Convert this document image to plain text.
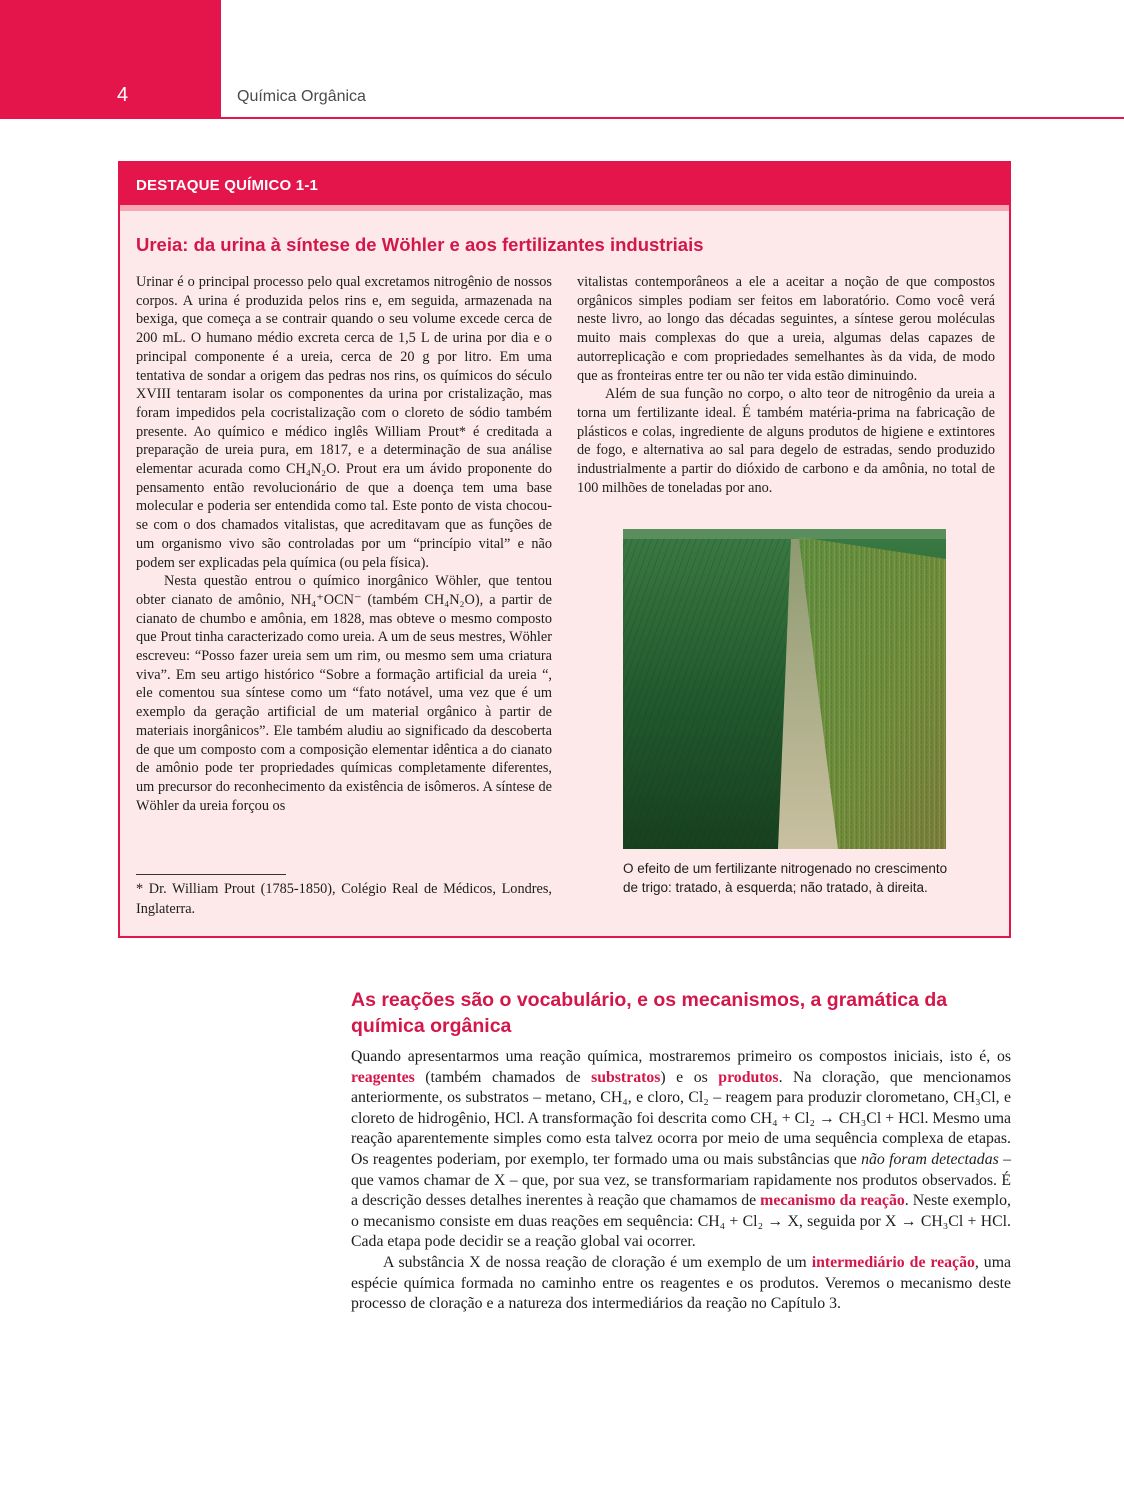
4	Química Orgânica
DESTAQUE QUÍMICO 1-1
Ureia: da urina à síntese de Wöhler e aos fertilizantes industriais

Urinar é o principal processo pelo qual excretamos nitrogênio de nossos corpos. A urina é produzida pelos rins e, em seguida, armazenada na bexiga, que começa a se contrair quando o seu volume excede cerca de 200 mL. O humano médio excreta cerca de 1,5 L de urina por dia e o principal componente é a ureia, cerca de 20 g por litro. Em uma tentativa de sondar a origem das pedras nos rins, os químicos do século XVIII tentaram isolar os componentes da urina por cristalização, mas foram impedidos pela cocristalização com o cloreto de sódio também presente. Ao químico e médico inglês William Prout* é creditada a preparação de ureia pura, em 1817, e a determinação de sua análise elementar acurada como CH₄N₂O. Prout era um ávido proponente do pensamento então revolucionário de que a doença tem uma base molecular e poderia ser entendida como tal. Este ponto de vista chocou-se com o dos chamados vitalistas, que acreditavam que as funções de um organismo vivo são controladas por um “princípio vital” e não podem ser explicadas pela química (ou pela física).

Nesta questão entrou o químico inorgânico Wöhler, que tentou obter cianato de amônio, NH₄⁺OCN⁻ (também CH₄N₂O), a partir de cianato de chumbo e amônia, em 1828, mas obteve o mesmo composto que Prout tinha caracterizado como ureia. A um de seus mestres, Wöhler escreveu: “Posso fazer ureia sem um rim, ou mesmo sem uma criatura viva”. Em seu artigo histórico “Sobre a formação artificial da ureia “, ele comentou sua síntese como um “fato notável, uma vez que é um exemplo da geração artificial de um material orgânico à partir de materiais inorgânicos”. Ele também aludiu ao significado da descoberta de que um composto com a composição elementar idêntica a do cianato de amônio pode ter propriedades químicas completamente diferentes, um precursor do reconhecimento da existência de isômeros. A síntese de Wöhler da ureia forçou os

vitalistas contemporâneos a ele a aceitar a noção de que compostos orgânicos simples podiam ser feitos em laboratório. Como você verá neste livro, ao longo das décadas seguintes, a síntese gerou moléculas muito mais complexas do que a ureia, algumas delas capazes de autorreplicação e com propriedades semelhantes às da vida, de modo que as fronteiras entre ter ou não ter vida estão diminuindo.

Além de sua função no corpo, o alto teor de nitrogênio da ureia a torna um fertilizante ideal. É também matéria-prima na fabricação de plásticos e colas, ingrediente de alguns produtos de higiene e extintores de fogo, e alternativa ao sal para degelo de estradas, sendo produzido industrialmente a partir do dióxido de carbono e da amônia, no total de 100 milhões de toneladas por ano.

O efeito de um fertilizante nitrogenado no crescimento de trigo: tratado, à esquerda; não tratado, à direita.
* Dr. William Prout (1785-1850), Colégio Real de Médicos, Londres, Inglaterra.
As reações são o vocabulário, e os mecanismos, a gramática da química orgânica

Quando apresentarmos uma reação química, mostraremos primeiro os compostos iniciais, isto é, os reagentes (também chamados de substratos) e os produtos. Na cloração, que mencionamos anteriormente, os substratos – metano, CH₄, e cloro, Cl₂ – reagem para produzir clorometano, CH₃Cl, e cloreto de hidrogênio, HCl. A transformação foi descrita como CH₄ + Cl₂ → CH₃Cl + HCl. Mesmo uma reação aparentemente simples como esta talvez ocorra por meio de uma sequência complexa de etapas. Os reagentes poderiam, por exemplo, ter formado uma ou mais substâncias que não foram detectadas – que vamos chamar de X – que, por sua vez, se transformariam rapidamente nos produtos observados. É a descrição desses detalhes inerentes à reação que chamamos de mecanismo da reação. Neste exemplo, o mecanismo consiste em duas reações em sequência: CH₄ + Cl₂ → X, seguida por X → CH₃Cl + HCl. Cada etapa pode decidir se a reação global vai ocorrer.

A substância X de nossa reação de cloração é um exemplo de um intermediário de reação, uma espécie química formada no caminho entre os reagentes e os produtos. Veremos o mecanismo deste processo de cloração e a natureza dos intermediários da reação no Capítulo 3.
